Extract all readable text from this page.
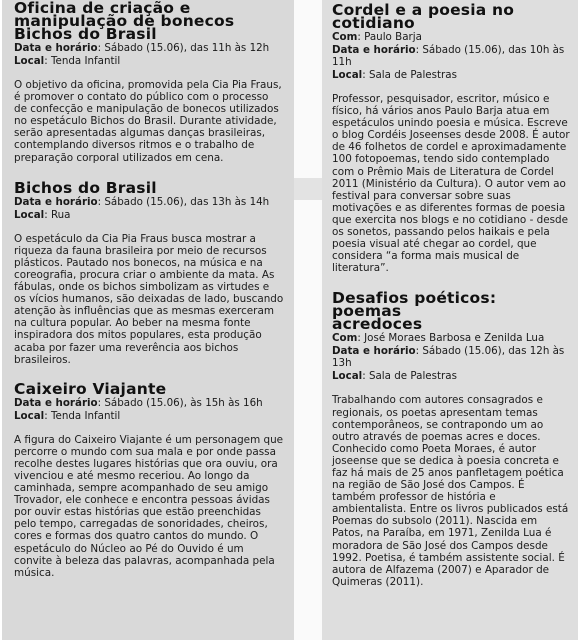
Oficina de criação e
manipulação de bonecos
Bichos do Brasil
Data e horário: Sábado (15.06), das 11h às 12h
Local: Tenda Infantil

O objetivo da oficina, promovida pela Cia Pia Fraus, é promover o contato do público com o processo de confecção e manipulação de bonecos utilizados no espetáculo Bichos do Brasil. Durante atividade, serão apresentadas algumas danças brasileiras, contemplando diversos ritmos e o trabalho de preparação corporal utilizados em cena.

Bichos do Brasil
Data e horário: Sábado (15.06), das 13h às 14h
Local: Rua

O espetáculo da Cia Pia Fraus busca mostrar a riqueza da fauna brasileira por meio de recursos plásticos. Pautado nos bonecos, na música e na coreografia, procura criar o ambiente da mata. As fábulas, onde os bichos simbolizam as virtudes e os vícios humanos, são deixadas de lado, buscando atenção às influências que as mesmas exerceram na cultura popular. Ao beber na mesma fonte inspiradora dos mitos populares, esta produção acaba por fazer uma reverência aos bichos brasileiros.

Caixeiro Viajante
Data e horário: Sábado (15.06), às 15h às 16h
Local: Tenda Infantil

A figura do Caixeiro Viajante é um personagem que percorre o mundo com sua mala e por onde passa recolhe destes lugares histórias que ora ouviu, ora vivenciou e até mesmo receriou. Ao longo da caminhada, sempre acompanhado de seu amigo Trovador, ele conhece e encontra pessoas ávidas por ouvir estas histórias que estão preenchidas pelo tempo, carregadas de sonoridades, cheiros, cores e formas dos quatro cantos do mundo. O espetáculo do Núcleo ao Pé do Ouvido é um convite à beleza das palavras, acompanhada pela música.

Cordel e a poesia no
cotidiano
Com: Paulo Barja
Data e horário: Sábado (15.06), das 10h às 11h
Local: Sala de Palestras

Professor, pesquisador, escritor, músico e físico, há vários anos Paulo Barja atua em espetáculos unindo poesia e música. Escreve o blog Cordéis Joseenses desde 2008. É autor de 46 folhetos de cordel e aproximadamente 100 fotopoemas, tendo sido contemplado com o Prêmio Mais de Literatura de Cordel 2011 (Ministério da Cultura). O autor vem ao festival para conversar sobre suas motivações e as diferentes formas de poesia que exercita nos blogs e no cotidiano - desde os sonetos, passando pelos haikais e pela poesia visual até chegar ao cordel, que considera “a forma mais musical de literatura”.

Desafios poéticos: poemas
acredoces
Com: José Moraes Barbosa e Zenilda Lua
Data e horário: Sábado (15.06), das 12h às 13h
Local: Sala de Palestras

Trabalhando com autores consagrados e regionais, os poetas apresentam temas contemporâneos, se contrapondo um ao outro através de poemas acres e doces. Conhecido como Poeta Moraes, é autor joseense que se dedica à poesia concreta e faz há mais de 25 anos panfletagem poética na região de São José dos Campos. É também professor de história e ambientalista. Entre os livros publicados está Poemas do subsolo (2011). Nascida em Patos, na Paraíba, em 1971, Zenilda Lua é moradora de São José dos Campos desde 1992. Poetisa, é também assistente social. É autora de Alfazema (2007) e Aparador de Quimeras (2011).
